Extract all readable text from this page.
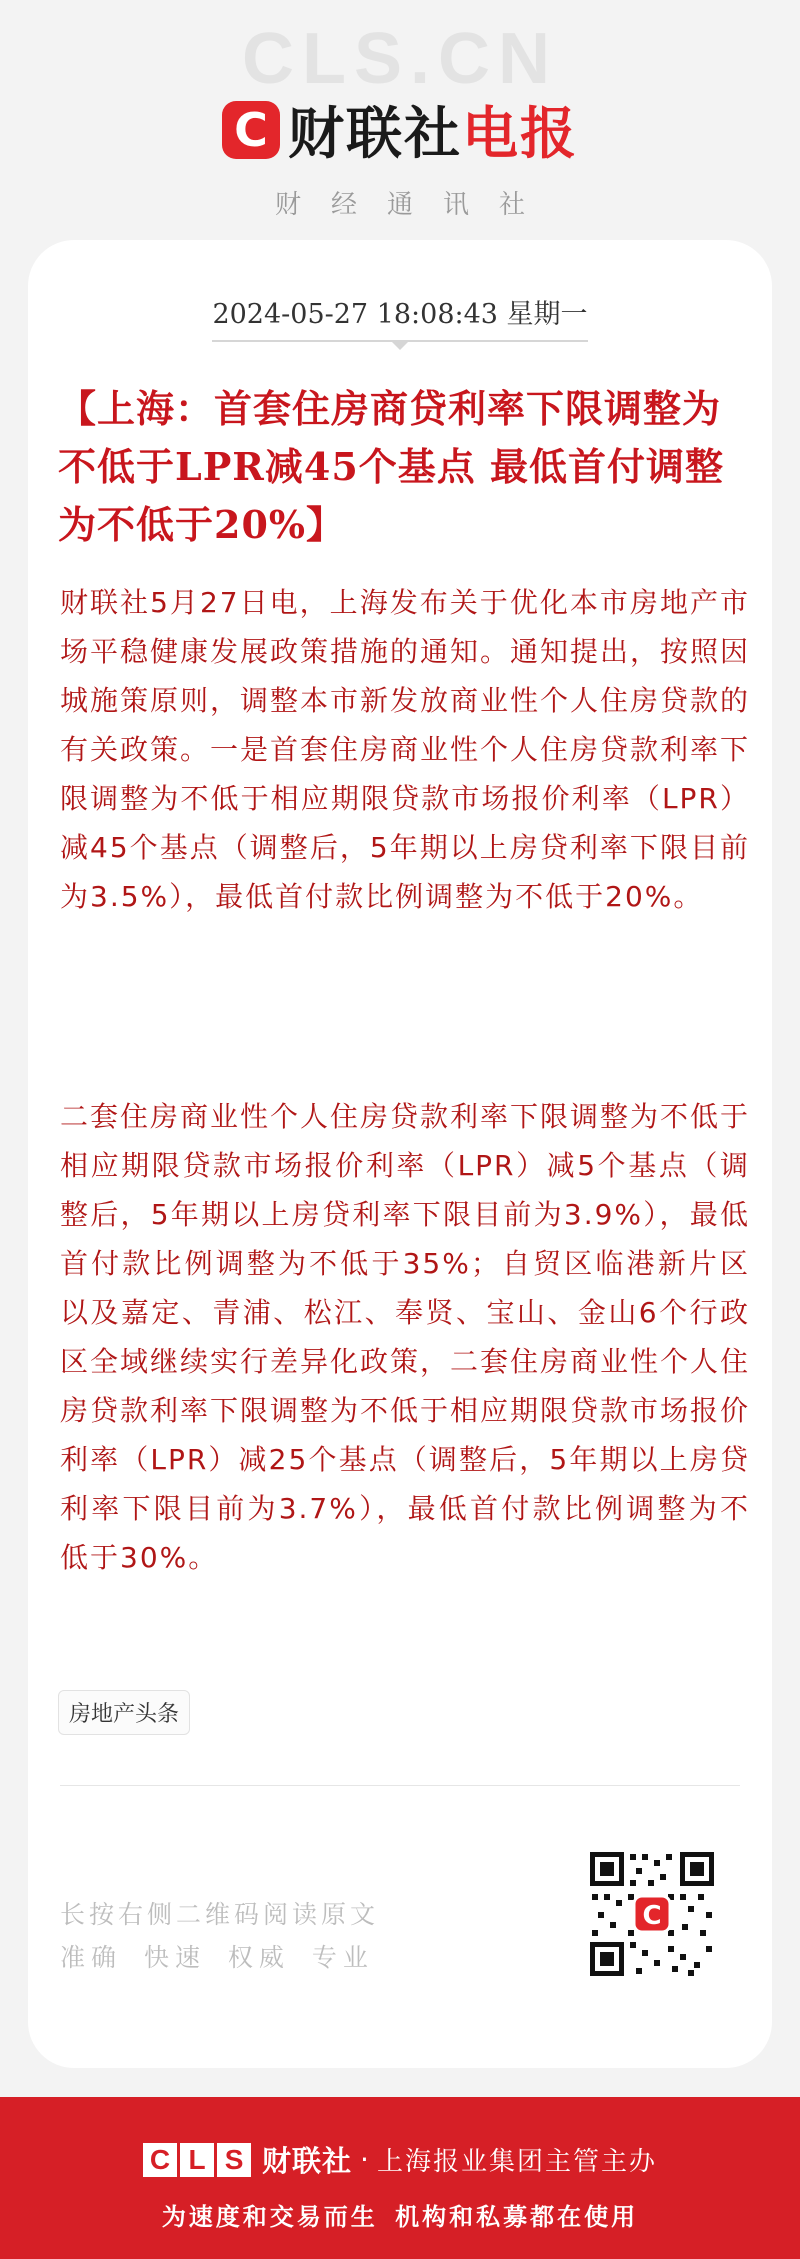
CLS.CN
C 财联社 电报
财经通讯社
2024-05-27 18:08:43 星期一
【上海：首套住房商贷利率下限调整为不低于LPR减45个基点 最低首付调整为不低于20%】
财联社5月27日电，上海发布关于优化本市房地产市场平稳健康发展政策措施的通知。通知提出，按照因城施策原则，调整本市新发放商业性个人住房贷款的有关政策。一是首套住房商业性个人住房贷款利率下限调整为不低于相应期限贷款市场报价利率（LPR）减45个基点（调整后，5年期以上房贷利率下限目前为3.5%），最低首付款比例调整为不低于20%。
二套住房商业性个人住房贷款利率下限调整为不低于相应期限贷款市场报价利率（LPR）减5个基点（调整后，5年期以上房贷利率下限目前为3.9%），最低首付款比例调整为不低于35%；自贸区临港新片区以及嘉定、青浦、松江、奉贤、宝山、金山6个行政区全域继续实行差异化政策，二套住房商业性个人住房贷款利率下限调整为不低于相应期限贷款市场报价利率（LPR）减25个基点（调整后，5年期以上房贷利率下限目前为3.7%），最低首付款比例调整为不低于30%。
房地产头条
长按右侧二维码阅读原文
准确 快速 权威 专业
C
C L S 财联社 · 上海报业集团主管主办
为速度和交易而生 机构和私募都在使用
